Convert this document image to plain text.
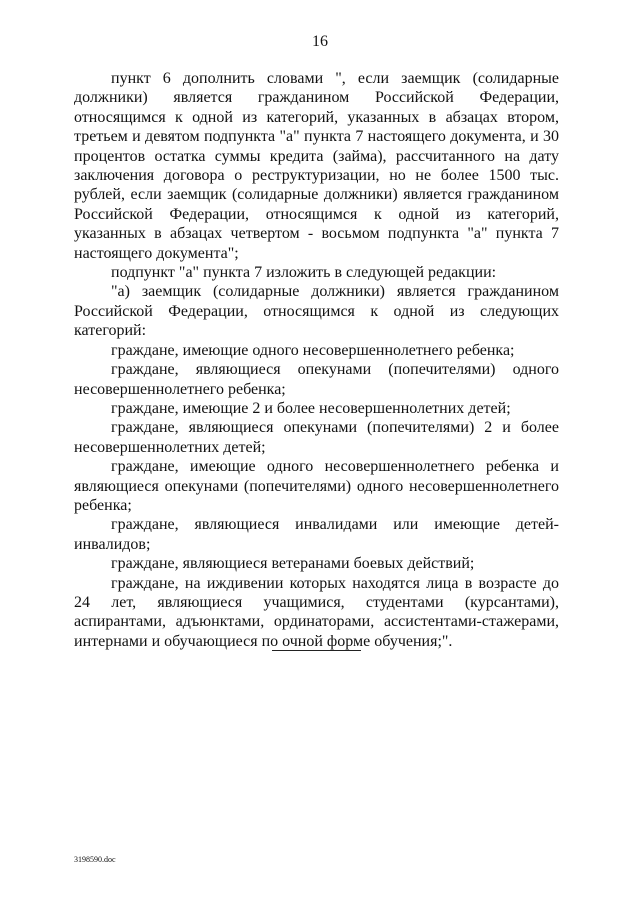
16

пункт 6 дополнить словами ", если заемщик (солидарные должники) является гражданином Российской Федерации, относящимся к одной из категорий, указанных в абзацах втором, третьем и девятом подпункта "а" пункта 7 настоящего документа, и 30 процентов остатка суммы кредита (займа), рассчитанного на дату заключения договора о реструктуризации, но не более 1500 тыс. рублей, если заемщик (солидарные должники) является гражданином Российской Федерации, относящимся к одной из категорий, указанных в абзацах четвертом - восьмом подпункта "а" пункта 7 настоящего документа";

подпункт "а" пункта 7 изложить в следующей редакции:

"а) заемщик (солидарные должники) является гражданином Российской Федерации, относящимся к одной из следующих категорий:

граждане, имеющие одного несовершеннолетнего ребенка;

граждане, являющиеся опекунами (попечителями) одного несовершеннолетнего ребенка;

граждане, имеющие 2 и более несовершеннолетних детей;

граждане, являющиеся опекунами (попечителями) 2 и более несовершеннолетних детей;

граждане, имеющие одного несовершеннолетнего ребенка и являющиеся опекунами (попечителями) одного несовершеннолетнего ребенка;

граждане, являющиеся инвалидами или имеющие детей-инвалидов;

граждане, являющиеся ветеранами боевых действий;

граждане, на иждивении которых находятся лица в возрасте до 24 лет, являющиеся учащимися, студентами (курсантами), аспирантами, адъюнктами, ординаторами, ассистентами-стажерами, интернами и обучающиеся по очной форме обучения;".

3198590.doc
